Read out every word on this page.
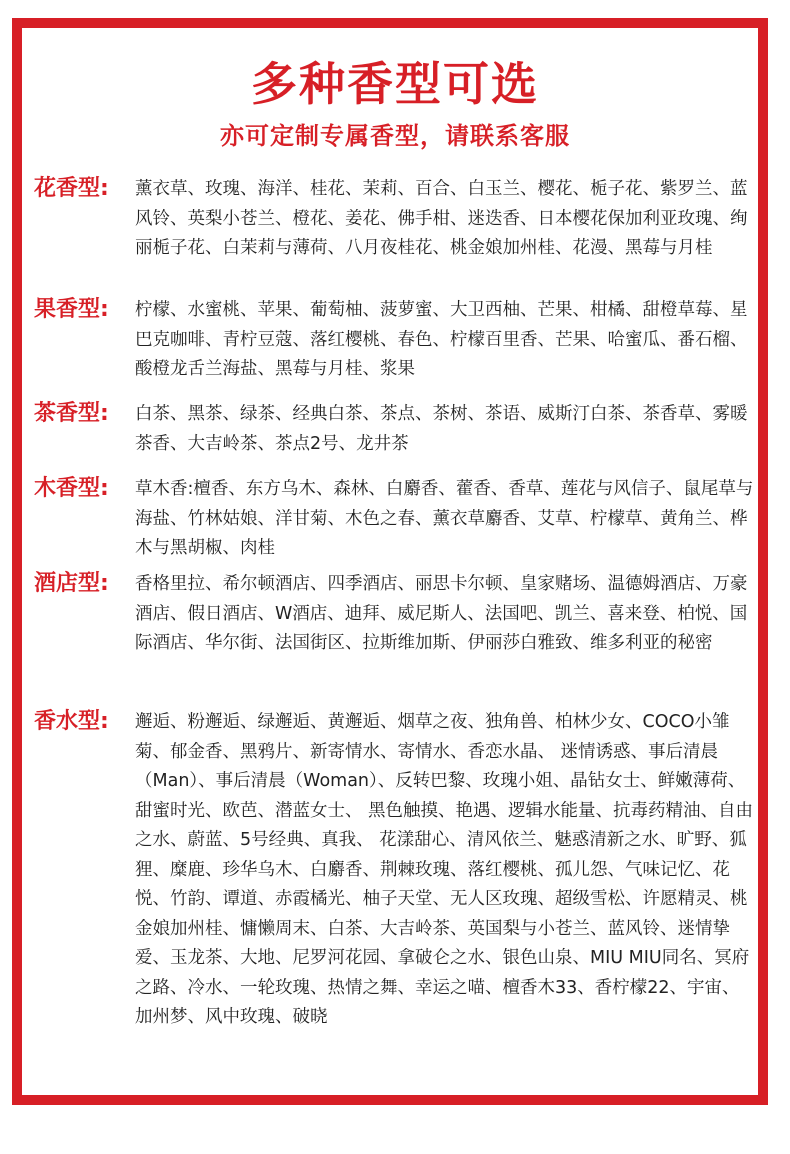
多种香型可选
亦可定制专属香型，请联系客服
花香型:	薰衣草、玫瑰、海洋、桂花、茉莉、百合、白玉兰、樱花、栀子花、紫罗兰、蓝风铃、英梨小苍兰、橙花、姜花、佛手柑、迷迭香、日本樱花保加利亚玫瑰、绚丽栀子花、白茉莉与薄荷、八月夜桂花、桃金娘加州桂、花漫、黑莓与月桂
果香型:	柠檬、水蜜桃、苹果、葡萄柚、菠萝蜜、大卫西柚、芒果、柑橘、甜橙草莓、星巴克咖啡、青柠豆蔻、落红樱桃、春色、柠檬百里香、芒果、哈蜜瓜、番石榴、酸橙龙舌兰海盐、黑莓与月桂、浆果
茶香型:	白茶、黑茶、绿茶、经典白茶、茶点、茶树、茶语、威斯汀白茶、茶香草、雾暖茶香、大吉岭茶、茶点2号、龙井茶
木香型:	草木香:檀香、东方乌木、森林、白麝香、藿香、香草、莲花与风信子、鼠尾草与海盐、竹林姑娘、洋甘菊、木色之春、薰衣草麝香、艾草、柠檬草、黄角兰、桦木与黑胡椒、肉桂
酒店型:	香格里拉、希尔顿酒店、四季酒店、丽思卡尔顿、皇家赌场、温德姆酒店、万豪酒店、假日酒店、W酒店、迪拜、威尼斯人、法国吧、凯兰、喜来登、柏悦、国际酒店、华尔街、法国街区、拉斯维加斯、伊丽莎白雅致、维多利亚的秘密
香水型:	邂逅、粉邂逅、绿邂逅、黄邂逅、烟草之夜、独角兽、柏林少女、COCO小雏菊、郁金香、黑鸦片、新寄情水、寄情水、香恋水晶、 迷情诱惑、事后清晨（Man）、事后清晨（Woman）、反转巴黎、玫瑰小姐、晶钻女士、鲜嫩薄荷、甜蜜时光、欧芭、潜蓝女士、 黑色触摸、艳遇、逻辑水能量、抗毒药精油、自由之水、蔚蓝、5号经典、真我、 花漾甜心、清风依兰、魅惑清新之水、旷野、狐狸、糜鹿、珍华乌木、白麝香、荆棘玫瑰、落红樱桃、孤儿怨、气味记忆、花悦、竹韵、谭道、赤霞橘光、柚子天堂、无人区玫瑰、超级雪松、许愿精灵、桃金娘加州桂、慵懒周末、白茶、大吉岭茶、英国梨与小苍兰、蓝风铃、迷情挚爱、玉龙茶、大地、尼罗河花园、拿破仑之水、银色山泉、MIU MIU同名、冥府之路、冷水、一轮玫瑰、热情之舞、幸运之喵、檀香木33、香柠檬22、宇宙、加州梦、风中玫瑰、破晓
